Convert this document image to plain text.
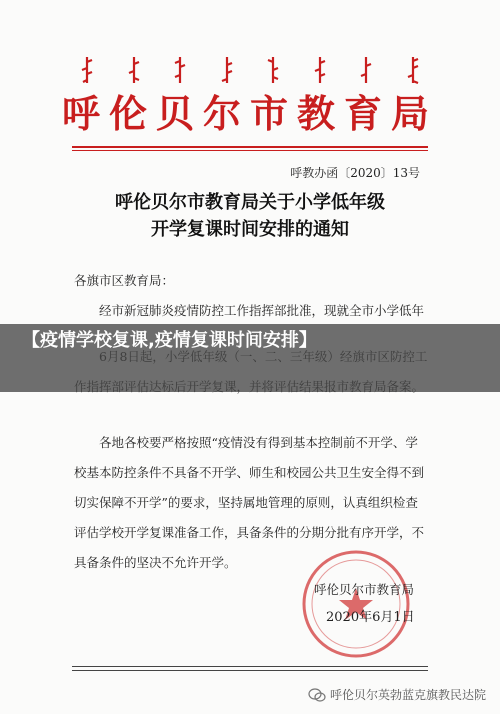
呼伦贝尔市教育局
呼教办函〔2020〕13号
呼伦贝尔市教育局关于小学低年级
开学复课时间安排的通知
各旗市区教育局：
经市新冠肺炎疫情防控工作指挥部批准，现就全市小学低年
各地各校要严格按照“疫情没有得到基本控制前不开学、学校基本防控条件不具备不开学、师生和校园公共卫生安全得不到切实保障不开学”的要求，坚持属地管理的原则，认真组织检查评估学校开学复课准备工作，具备条件的分期分批有序开学，不具备条件的坚决不允许开学。
呼伦贝尔市教育局
2020年6月1日
【疫情学校复课,疫情复课时间安排】
呼伦贝尔英勃蓝克旗教民达院
